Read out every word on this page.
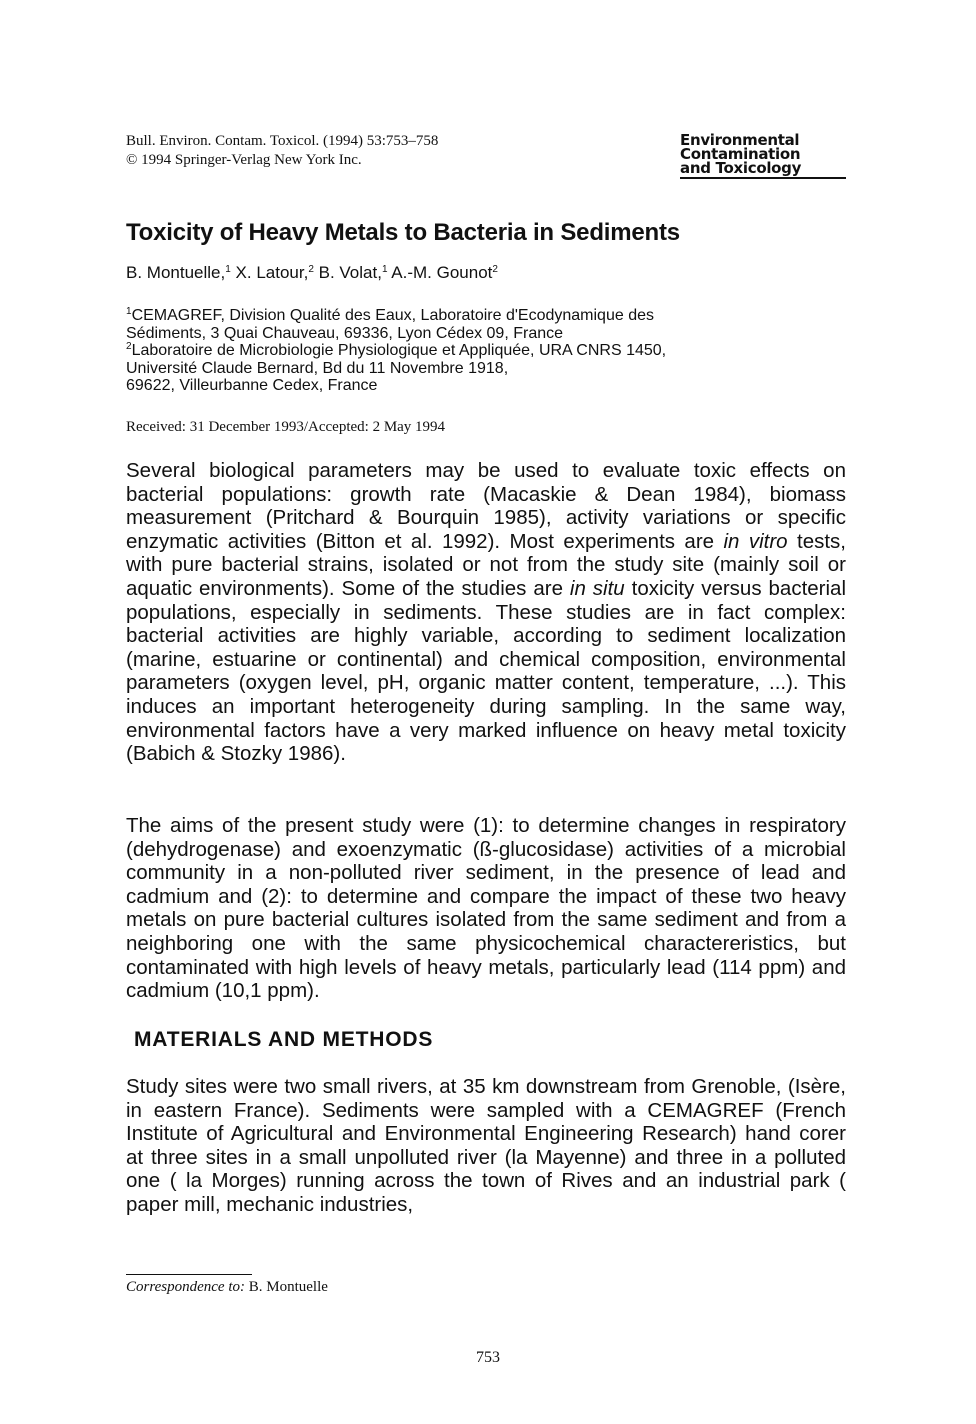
Bull. Environ. Contam. Toxicol. (1994) 53:753–758
© 1994 Springer-Verlag New York Inc.
Environmental
Contamination
and Toxicology
Toxicity of Heavy Metals to Bacteria in Sediments
B. Montuelle,$^1$ X. Latour,$^2$ B. Volat,$^1$ A.-M. Gounot$^2$
$^1$CEMAGREF, Division Qualité des Eaux, Laboratoire d'Ecodynamique des
Sédiments, 3 Quai Chauveau, 69336, Lyon Cédex 09, France
$^2$Laboratoire de Microbiologie Physiologique et Appliquée, URA CNRS 1450,
Université Claude Bernard, Bd du 11 Novembre 1918,
69622, Villeurbanne Cedex, France
Received: 31 December 1993/Accepted: 2 May 1994

Several biological parameters may be used to evaluate toxic effects on bacterial populations: growth rate (Macaskie & Dean 1984), biomass measurement (Pritchard & Bourquin 1985), activity variations or specific enzymatic activities (Bitton et al. 1992). Most experiments are in vitro tests, with pure bacterial strains, isolated or not from the study site (mainly soil or aquatic environments). Some of the studies are in situ toxicity versus bacterial populations, especially in sediments. These studies are in fact complex: bacterial activities are highly variable, according to sediment localization (marine, estuarine or continental) and chemical composition, environmental parameters (oxygen level, pH, organic matter content, temperature, ...). This induces an important heterogeneity during sampling. In the same way, environmental factors have a very marked influence on heavy metal toxicity (Babich & Stozky 1986).

The aims of the present study were (1): to determine changes in respiratory (dehydrogenase) and exoenzymatic (ß-glucosidase) activities of a microbial community in a non-polluted river sediment, in the presence of lead and cadmium and (2): to determine and compare the impact of these two heavy metals on pure bacterial cultures isolated from the same sediment and from a neighboring one with the same physicochemical charactereristics, but contaminated with high levels of heavy metals, particularly lead (114 ppm) and cadmium (10,1 ppm).

MATERIALS AND METHODS

Study sites were two small rivers, at 35 km downstream from Grenoble, (Isère, in eastern France). Sediments were sampled with a CEMAGREF (French Institute of Agricultural and Environmental Engineering Research) hand corer at three sites in a small unpolluted river (la Mayenne) and three in a polluted one ( la Morges) running across the town of Rives and an industrial park ( paper mill, mechanic industries,

Correspondence to: B. Montuelle
753
